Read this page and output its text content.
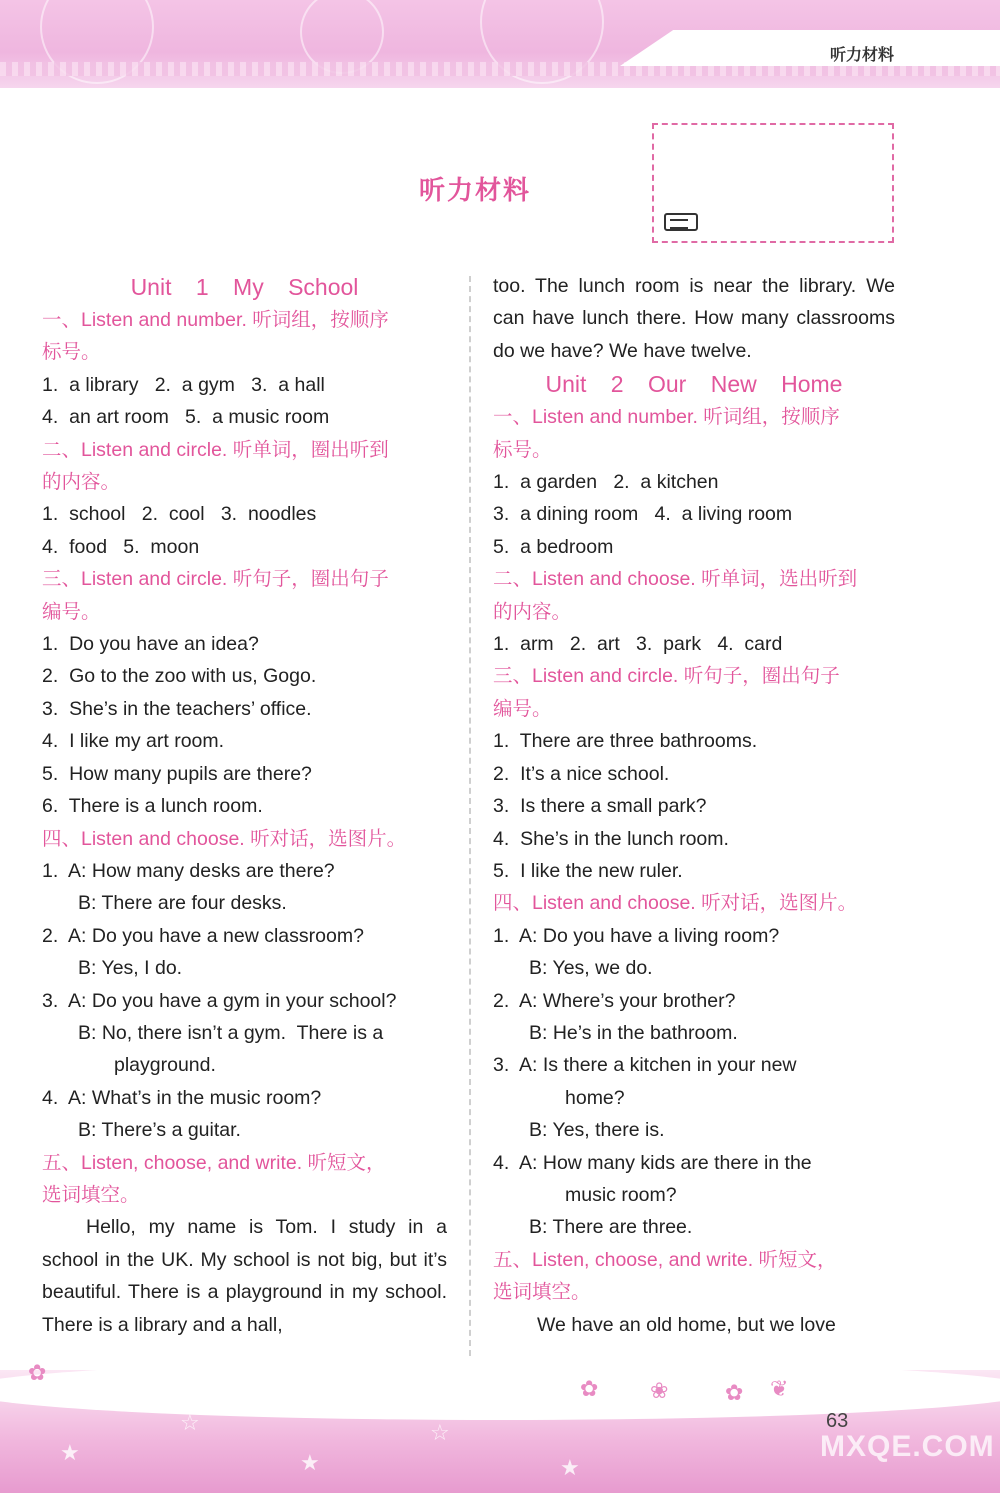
听力材料
听力材料

Unit 1 My School

一、Listen and number. 听词组，按顺序
标号。

1.  a library   2.  a gym   3.  a hall

4.  an art room   5.  a music room

二、Listen and circle. 听单词，圈出听到
的内容。

1.  school   2.  cool   3.  noodles

4.  food   5.  moon

三、Listen and circle. 听句子，圈出句子
编号。

1.  Do you have an idea?

2.  Go to the zoo with us, Gogo.

3.  She’s in the teachers’ office.

4.  I like my art room.

5.  How many pupils are there?

6.  There is a lunch room.

四、Listen and choose. 听对话，选图片。

1.  A: How many desks are there?

B: There are four desks.

2.  A: Do you have a new classroom?

B: Yes, I do.

3.  A: Do you have a gym in your school?

B: No, there isn’t a gym.  There is a

playground.

4.  A: What’s in the music room?

B: There’s a guitar.

五、Listen, choose, and write. 听短文，
选词填空。

Hello, my name is Tom. I study in a school in the UK. My school is not big, but it’s beautiful. There is a playground in my school. There is a library and a hall,

too. The lunch room is near the library. We can have lunch there. How many classrooms do we have? We have twelve.

Unit 2 Our New Home

一、Listen and number. 听词组，按顺序
标号。

1.  a garden   2.  a kitchen

3.  a dining room   4.  a living room

5.  a bedroom

二、Listen and choose. 听单词，选出听到
的内容。

1.  arm   2.  art   3.  park   4.  card

三、Listen and circle. 听句子，圈出句子
编号。

1.  There are three bathrooms.

2.  It’s a nice school.

3.  Is there a small park?

4.  She’s in the lunch room.

5.  I like the new ruler.

四、Listen and choose. 听对话，选图片。

1.  A: Do you have a living room?

B: Yes, we do.

2.  A: Where’s your brother?

B: He’s in the bathroom.

3.  A: Is there a kitchen in your new

home?

B: Yes, there is.

4.  A: How many kids are there in the

music room?

B: There are three.

五、Listen, choose, and write. 听短文，
选词填空。

We have an old home, but we love

✿
✿ ❀	✿ ❦
★
☆
★
☆
★
63
MXQE.COM
